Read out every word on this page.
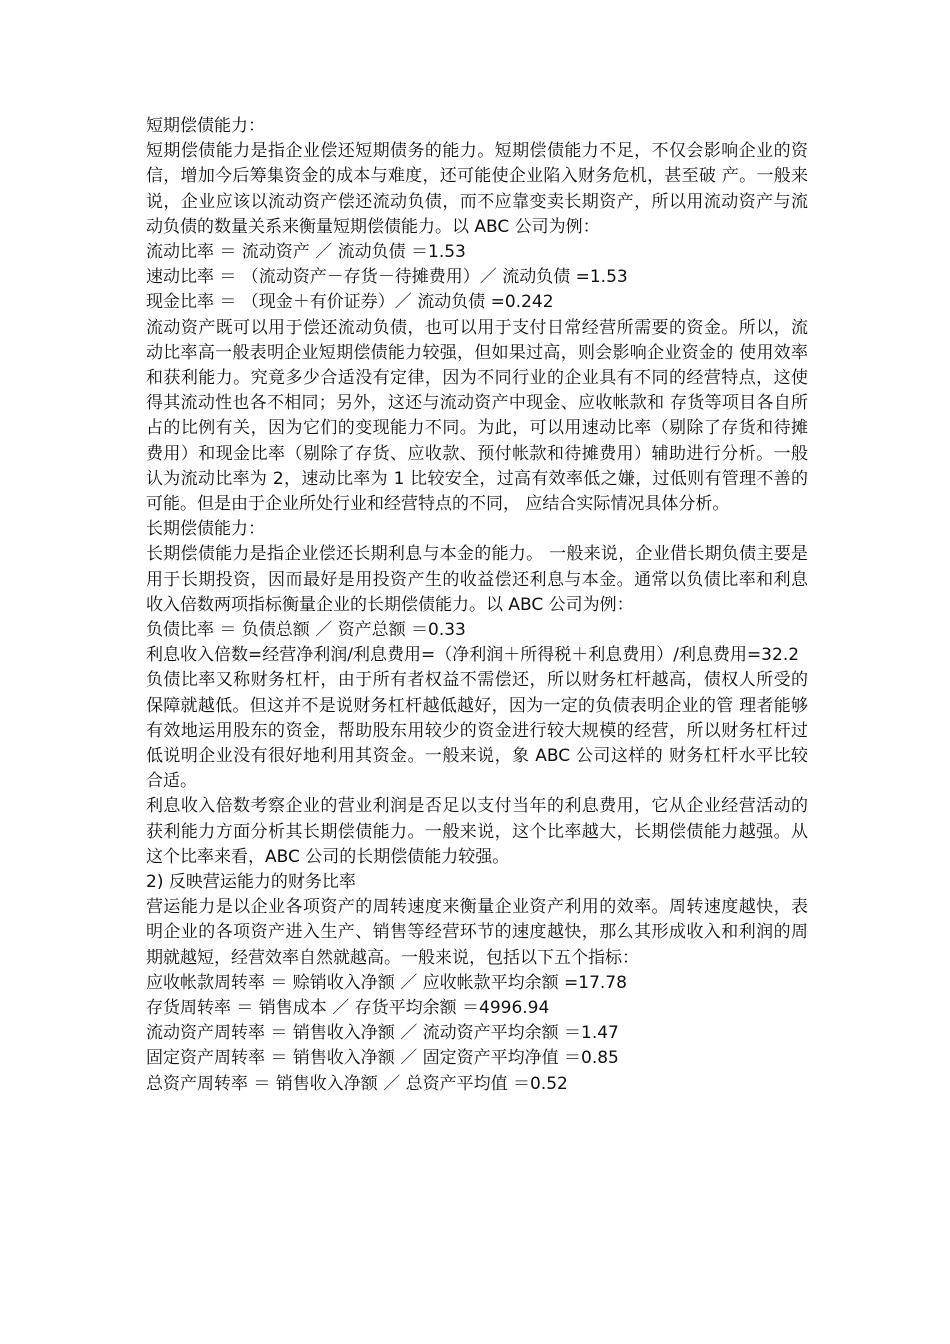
短期偿债能力：

短期偿债能力是指企业偿还短期债务的能力。短期偿债能力不足，不仅会影响企业的资信，增加今后筹集资金的成本与难度，还可能使企业陷入财务危机，甚至破 产。一般来说，企业应该以流动资产偿还流动负债，而不应靠变卖长期资产，所以用流动资产与流动负债的数量关系来衡量短期偿债能力。以 ABC 公司为例：

流动比率 ＝ 流动资产 ／ 流动负债 ＝1.53
速动比率 ＝ （流动资产－存货－待摊费用）／ 流动负债 =1.53
现金比率 ＝ （现金＋有价证券）／ 流动负债 =0.242

流动资产既可以用于偿还流动负债，也可以用于支付日常经营所需要的资金。所以，流动比率高一般表明企业短期偿债能力较强，但如果过高，则会影响企业资金的 使用效率和获利能力。究竟多少合适没有定律，因为不同行业的企业具有不同的经营特点，这使得其流动性也各不相同；另外，这还与流动资产中现金、应收帐款和 存货等项目各自所占的比例有关，因为它们的变现能力不同。为此，可以用速动比率（剔除了存货和待摊费用）和现金比率（剔除了存货、应收款、预付帐款和待摊费用）辅助进行分析。一般认为流动比率为 2，速动比率为 1 比较安全，过高有效率低之嫌，过低则有管理不善的可能。但是由于企业所处行业和经营特点的不同， 应结合实际情况具体分析。

长期偿债能力：

长期偿债能力是指企业偿还长期利息与本金的能力。 一般来说，企业借长期负债主要是用于长期投资，因而最好是用投资产生的收益偿还利息与本金。通常以负债比率和利息收入倍数两项指标衡量企业的长期偿债能力。以 ABC 公司为例：

负债比率 ＝ 负债总额 ／ 资产总额 ＝0.33

利息收入倍数=经营净利润/利息费用=（净利润＋所得税＋利息费用）/利息费用=32.2

负债比率又称财务杠杆，由于所有者权益不需偿还，所以财务杠杆越高，债权人所受的保障就越低。但这并不是说财务杠杆越低越好，因为一定的负债表明企业的管 理者能够有效地运用股东的资金，帮助股东用较少的资金进行较大规模的经营，所以财务杠杆过低说明企业没有很好地利用其资金。一般来说，象 ABC 公司这样的 财务杠杆水平比较合适。

利息收入倍数考察企业的营业利润是否足以支付当年的利息费用，它从企业经营活动的获利能力方面分析其长期偿债能力。一般来说，这个比率越大，长期偿债能力越强。从这个比率来看，ABC 公司的长期偿债能力较强。

2) 反映营运能力的财务比率

营运能力是以企业各项资产的周转速度来衡量企业资产利用的效率。周转速度越快，表明企业的各项资产进入生产、销售等经营环节的速度越快，那么其形成收入和利润的周期就越短，经营效率自然就越高。一般来说，包括以下五个指标：

应收帐款周转率 ＝ 赊销收入净额 ／ 应收帐款平均余额 =17.78
存货周转率 ＝ 销售成本 ／ 存货平均余额 ＝4996.94
流动资产周转率 ＝ 销售收入净额 ／ 流动资产平均余额 ＝1.47
固定资产周转率 ＝ 销售收入净额 ／ 固定资产平均净值 ＝0.85
总资产周转率 ＝ 销售收入净额 ／ 总资产平均值 ＝0.52
